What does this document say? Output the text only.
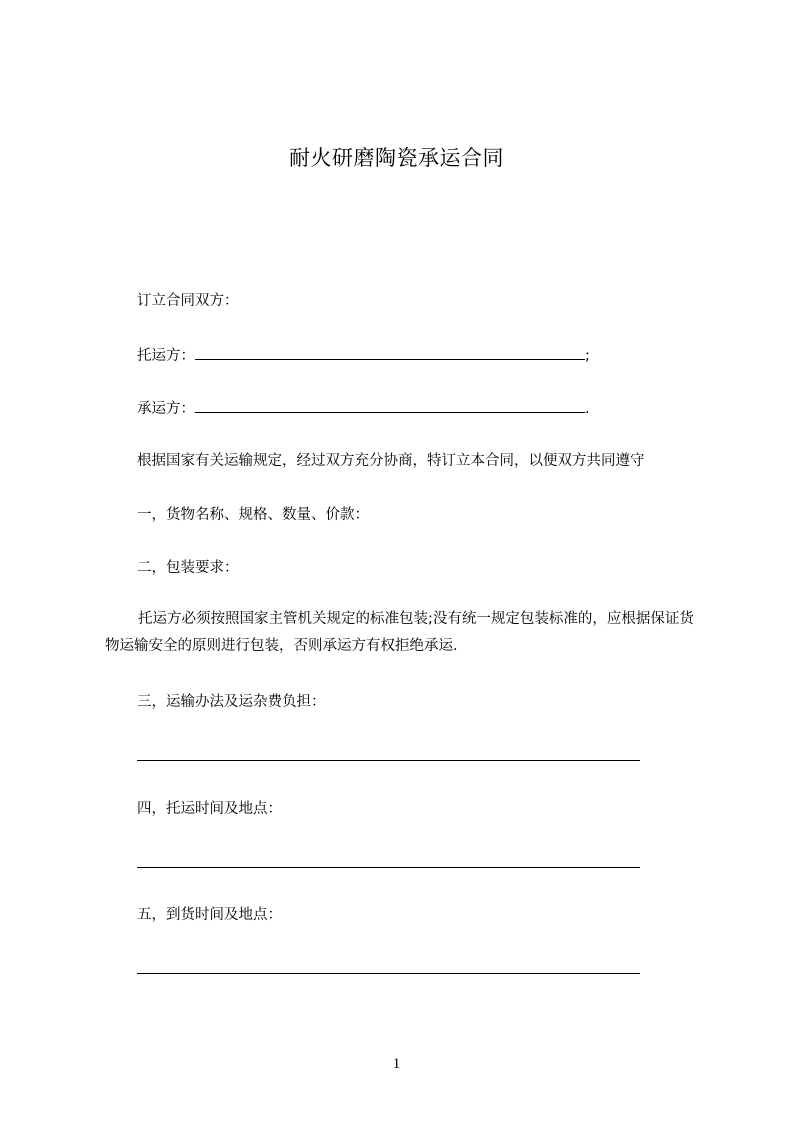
耐火研磨陶瓷承运合同
订立合同双方：
托运方：	;
承运方：	.
根据国家有关运输规定，经过双方充分协商，特订立本合同，以便双方共同遵守
一，货物名称、规格、数量、价款：
二，包装要求：
托运方必须按照国家主管机关规定的标准包装;没有统一规定包装标准的，应根据保证货物运输安全的原则进行包装，否则承运方有权拒绝承运.
三，运输办法及运杂费负担：
四，托运时间及地点：
五，到货时间及地点：
1
